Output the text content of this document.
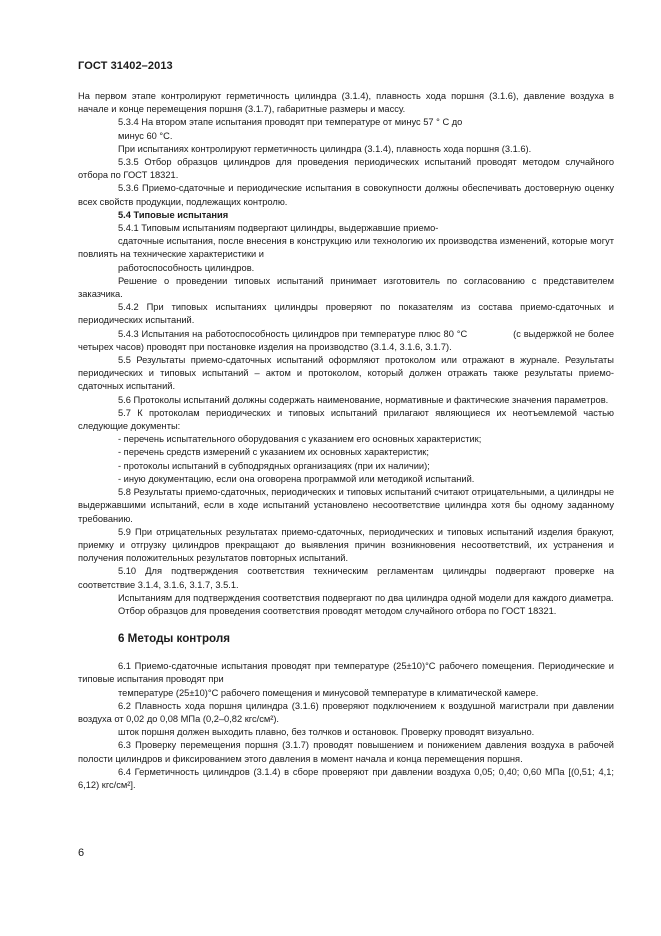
ГОСТ 31402–2013

На первом этапе контролируют герметичность цилиндра (3.1.4), плавность хода поршня (3.1.6), давление воздуха в начале и конце перемещения поршня (3.1.7), габаритные размеры и массу.

5.3.4 На втором этапе испытания проводят при температуре от минус 57 ° С до

минус 60 °С.

При испытаниях контролируют герметичность цилиндра (3.1.4), плавность хода поршня (3.1.6).

5.3.5 Отбор образцов цилиндров для проведения периодических испытаний проводят методом случайного отбора по ГОСТ 18321.

5.3.6 Приемо-сдаточные и периодические испытания в совокупности должны обеспечивать достоверную оценку всех свойств продукции, подлежащих контролю.

5.4 Типовые испытания

5.4.1 Типовым испытаниям подвергают цилиндры, выдержавшие приемо-

сдаточные испытания, после внесения в конструкцию или технологию их производства изменений, которые могут повлиять на технические характеристики и

работоспособность цилиндров.

Решение о проведении типовых испытаний принимает изготовитель по согласованию с представителем заказчика.

5.4.2 При типовых испытаниях цилиндры проверяют по показателям из состава приемо-сдаточных и периодических испытаний.

5.4.3 Испытания на работоспособность цилиндров при температуре плюс 80 °С                (с выдержкой не более четырех часов) проводят при постановке изделия на производство (3.1.4, 3.1.6, 3.1.7).

5.5 Результаты приемо-сдаточных испытаний оформляют протоколом или отражают в журнале. Результаты периодических и типовых испытаний – актом и протоколом, который должен отражать также результаты приемо-сдаточных испытаний.

5.6 Протоколы испытаний должны содержать наименование, нормативные и фактические значения параметров.

5.7 К протоколам периодических и типовых испытаний прилагают являющиеся их неотъемлемой частью следующие документы:

- перечень испытательного оборудования с указанием его основных характеристик;

- перечень средств измерений с указанием их основных характеристик;

- протоколы испытаний в субподрядных организациях (при их наличии);

- иную документацию, если она оговорена программой или методикой испытаний.

5.8 Результаты приемо-сдаточных, периодических и типовых испытаний считают отрицательными, а цилиндры не выдержавшими испытаний, если в ходе испытаний установлено несоответствие цилиндра хотя бы одному заданному требованию.

5.9 При отрицательных результатах приемо-сдаточных, периодических и типовых испытаний изделия бракуют, приемку и отгрузку цилиндров прекращают до выявления причин возникновения несоответствий, их устранения и получения положительных результатов повторных испытаний.

5.10 Для подтверждения соответствия техническим регламентам цилиндры подвергают проверке на соответствие 3.1.4, 3.1.6, 3.1.7, 3.5.1.

Испытаниям для подтверждения соответствия подвергают по два цилиндра одной модели для каждого диаметра.

Отбор образцов для проведения соответствия проводят методом случайного отбора по ГОСТ 18321.

6 Методы контроля

6.1 Приемо-сдаточные испытания проводят при температуре (25±10)°С рабочего помещения. Периодические и типовые испытания проводят при

температуре (25±10)°С рабочего помещения и минусовой температуре в климатической камере.

6.2 Плавность хода поршня цилиндра (3.1.6) проверяют подключением к воздушной магистрали при давлении воздуха от 0,02 до 0,08 МПа (0,2–0,82 кгс/см²).

шток поршня должен выходить плавно, без толчков и остановок. Проверку проводят визуально.

6.3 Проверку перемещения поршня (3.1.7) проводят повышением и понижением давления воздуха в рабочей полости цилиндров и фиксированием этого давления в момент начала и конца перемещения поршня.

6.4 Герметичность цилиндров (3.1.4) в сборе проверяют при давлении воздуха 0,05; 0,40; 0,60 МПа [(0,51; 4,1; 6,12) кгс/см²].

6
